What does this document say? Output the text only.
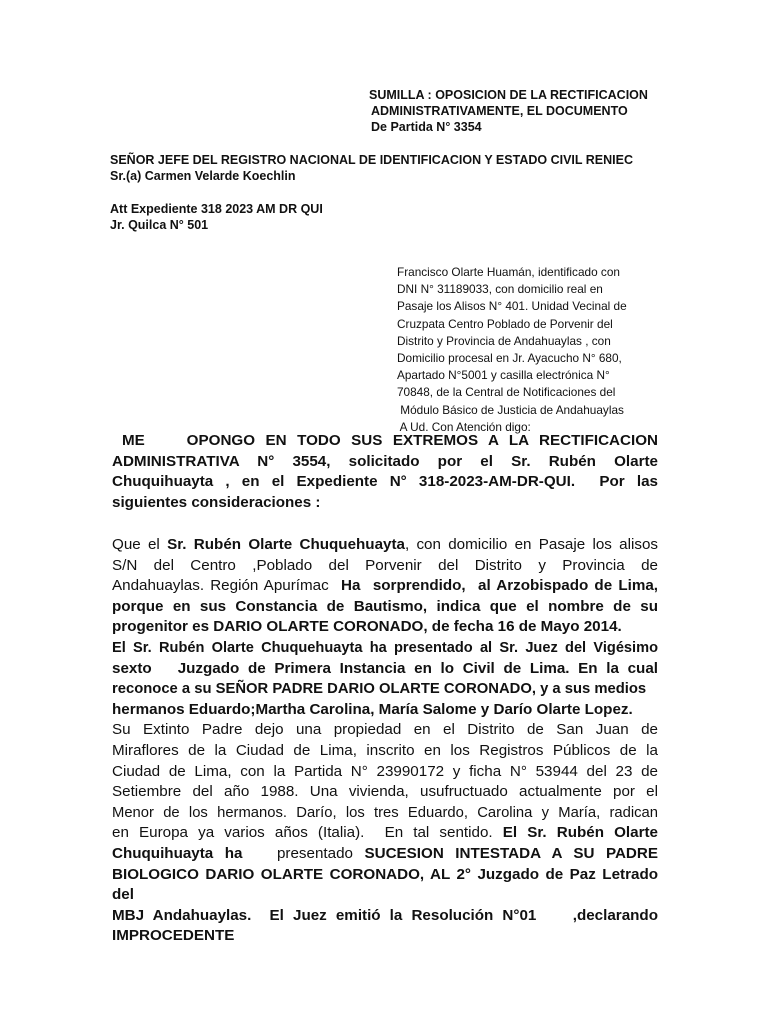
SUMILLA : OPOSICION DE LA RECTIFICACION
ADMINISTRATIVAMENTE, EL DOCUMENTO
De Partida N° 3354
SEÑOR JEFE DEL REGISTRO NACIONAL DE IDENTIFICACION Y ESTADO CIVIL RENIEC
Sr.(a) Carmen Velarde Koechlin
Att Expediente 318 2023 AM DR QUI
Jr. Quilca N° 501
Francisco Olarte Huamán, identificado con
DNI N° 31189033, con domicilio real en
Pasaje los Alisos N° 401. Unidad Vecinal de
Cruzpata Centro Poblado de Porvenir del
Distrito y Provincia de Andahuaylas , con
Domicilio procesal en Jr. Ayacucho N° 680,
Apartado N°5001 y casilla electrónica N°
70848, de la Central de Notificaciones del
Módulo Básico de Justicia de Andahuaylas
A Ud. Con Atención digo:
ME    OPONGO EN TODO SUS EXTREMOS A LA RECTIFICACION
ADMINISTRATIVA N° 3554, solicitado por el Sr. Rubén Olarte
Chuquihuayta , en el Expediente N° 318-2023-AM-DR-QUI.  Por las
siguientes consideraciones :
Que el Sr. Rubén Olarte Chuquehuayta, con domicilio en Pasaje los alisos
S/N del Centro ,Poblado del Porvenir del Distrito y Provincia de
Andahuaylas. Región Apurímac  Ha  sorprendido,  al Arzobispado de Lima,
porque en sus Constancia de Bautismo, indica que el nombre de su
progenitor es DARIO OLARTE CORONADO, de fecha 16 de Mayo 2014.
El Sr. Rubén Olarte Chuquehuayta ha presentado al Sr. Juez del Vigésimo
sexto   Juzgado de Primera Instancia en lo Civil de Lima. En la cual
reconoce a su SEÑOR PADRE DARIO OLARTE CORONADO, y a sus medios
hermanos Eduardo;Martha Carolina, María Salome y Darío Olarte Lopez.
Su Extinto Padre dejo una propiedad en el Distrito de San Juan de
Miraflores de la Ciudad de Lima, inscrito en los Registros Públicos de la
Ciudad de Lima, con la Partida N° 23990172 y ficha N° 53944 del 23 de
Setiembre del año 1988. Una vivienda, usufructuado actualmente por el
Menor de los hermanos. Darío, los tres Eduardo, Carolina y María, radican
en Europa ya varios años (Italia).  En tal sentido. El Sr. Rubén Olarte
Chuquihuayta ha   presentado SUCESION INTESTADA A SU PADRE
BIOLOGICO DARIO OLARTE CORONADO, AL 2° Juzgado de Paz Letrado del
MBJ Andahuaylas.  El Juez emitió la Resolución N°01    ,declarando
IMPROCEDENTE
